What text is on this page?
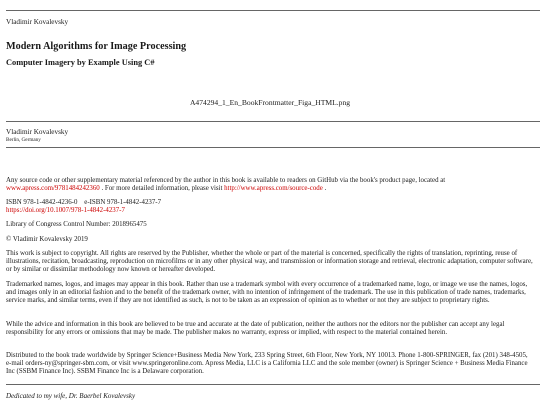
Vladimir Kovalevsky
Modern Algorithms for Image Processing
Computer Imagery by Example Using C#
A474294_1_En_BookFrontmatter_Figa_HTML.png
Vladimir Kovalevsky
Berlin, Germany
Any source code or other supplementary material referenced by the author in this book is available to readers on GitHub via the book's product page, located at www.apress.com/9781484242360 . For more detailed information, please visit http://www.apress.com/source-code .
ISBN 978-1-4842-4236-0 e-ISBN 978-1-4842-4237-7
https://doi.org/10.1007/978-1-4842-4237-7
Library of Congress Control Number: 2018965475
© Vladimir Kovalevsky 2019
This work is subject to copyright. All rights are reserved by the Publisher, whether the whole or part of the material is concerned, specifically the rights of translation, reprinting, reuse of illustrations, recitation, broadcasting, reproduction on microfilms or in any other physical way, and transmission or information storage and retrieval, electronic adaptation, computer software, or by similar or dissimilar methodology now known or hereafter developed.
Trademarked names, logos, and images may appear in this book. Rather than use a trademark symbol with every occurrence of a trademarked name, logo, or image we use the names, logos, and images only in an editorial fashion and to the benefit of the trademark owner, with no intention of infringement of the trademark. The use in this publication of trade names, trademarks, service marks, and similar terms, even if they are not identified as such, is not to be taken as an expression of opinion as to whether or not they are subject to proprietary rights.
While the advice and information in this book are believed to be true and accurate at the date of publication, neither the authors nor the editors nor the publisher can accept any legal responsibility for any errors or omissions that may be made. The publisher makes no warranty, express or implied, with respect to the material contained herein.
Distributed to the book trade worldwide by Springer Science+Business Media New York, 233 Spring Street, 6th Floor, New York, NY 10013. Phone 1-800-SPRINGER, fax (201) 348-4505, e-mail orders-ny@springer-sbm.com, or visit www.springeronline.com. Apress Media, LLC is a California LLC and the sole member (owner) is Springer Science + Business Media Finance Inc (SSBM Finance Inc). SSBM Finance Inc is a Delaware corporation.
Dedicated to my wife, Dr. Baerbel Kovalevsky
